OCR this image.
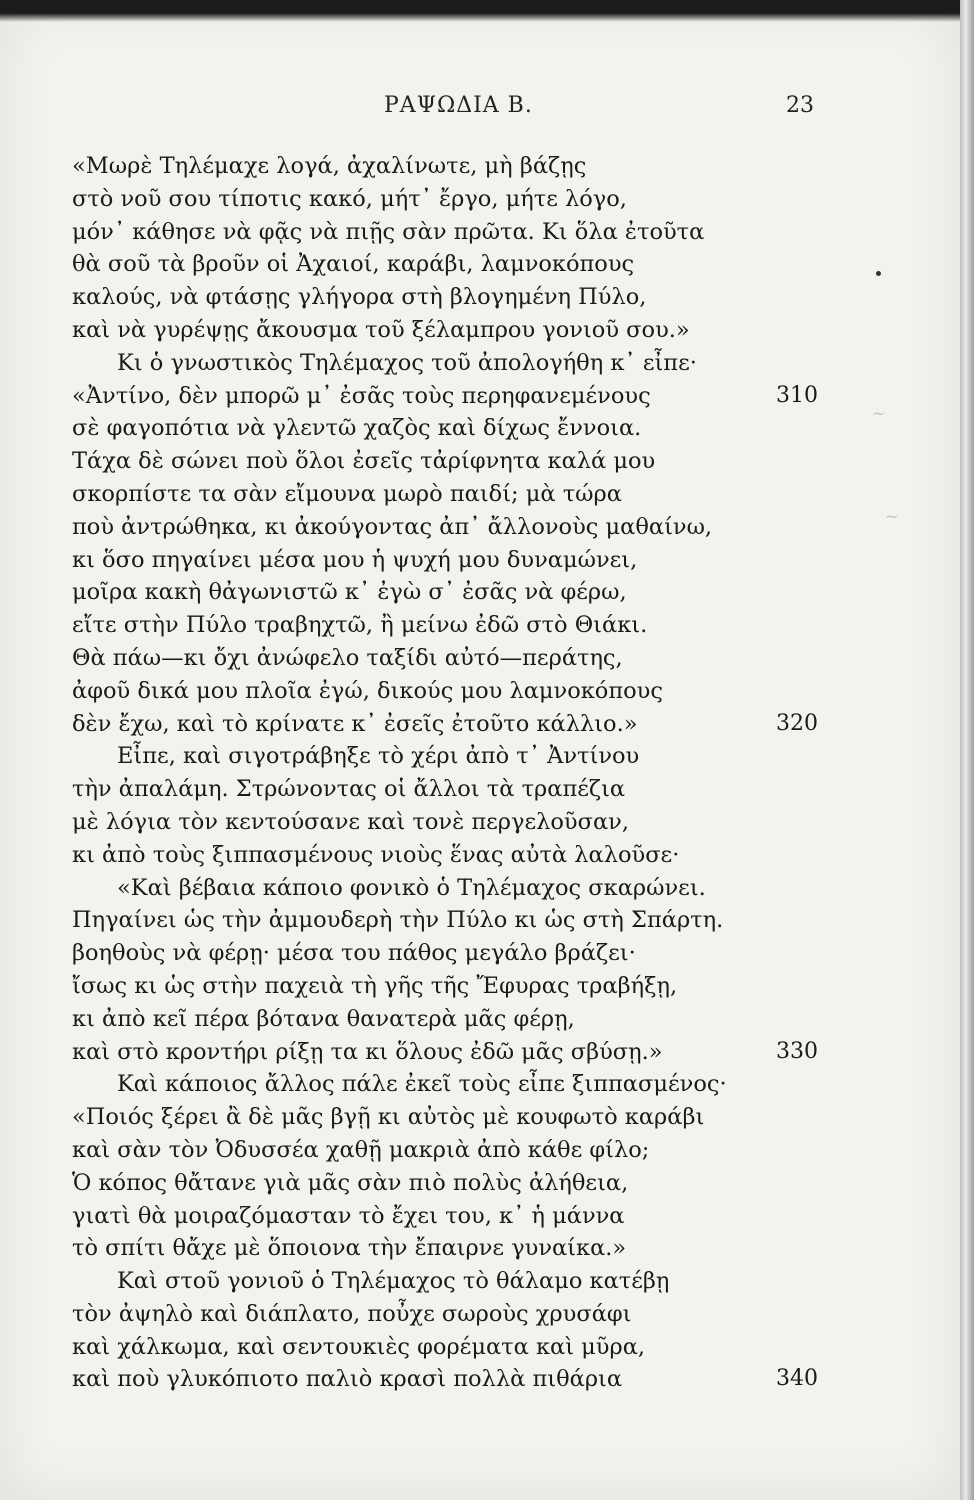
~
~
ΡΑΨΩΔΙΑ Β.	23
«Μωρὲ Τηλέμαχε λογά, ἀχαλίνωτε, μὴ βάζῃς
στὸ νοῦ σου τίποτις κακό, μήτ᾽ ἔργο, μήτε λόγο,
μόν᾽ κάθησε νὰ φᾷς νὰ πιῇς σὰν πρῶτα. Κι ὅλα ἐτοῦτα
θὰ σοῦ τὰ βροῦν οἱ Ἀχαιοί, καράβι, λαμνοκόπους
καλούς, νὰ φτάσῃς γλήγορα στὴ βλογημένη Πύλο,
καὶ νὰ γυρέψῃς ἄκουσμα τοῦ ξέλαμπρου γονιοῦ σου.»
Κι ὁ γνωστικὸς Τηλέμαχος τοῦ ἀπολογήθη κ᾽ εἶπε·
«Ἀντίνο, δὲν μπορῶ μ᾽ ἐσᾶς τοὺς περηφανεμένους	310
σὲ φαγοπότια νὰ γλεντῶ χαζὸς καὶ δίχως ἔννοια.
Τάχα δὲ σώνει ποὺ ὅλοι ἐσεῖς τἀρίφνητα καλά μου
σκορπίστε τα σὰν εἴμουνα μωρὸ παιδί; μὰ τώρα
ποὺ ἀντρώθηκα, κι ἀκούγοντας ἀπ᾽ ἄλλονοὺς μαθαίνω,
κι ὅσο πηγαίνει μέσα μου ἡ ψυχή μου δυναμώνει,
μοῖρα κακὴ θἀγωνιστῶ κ᾽ ἐγὼ σ᾽ ἐσᾶς νὰ φέρω,
εἴτε στὴν Πύλο τραβηχτῶ, ἢ μείνω ἐδῶ στὸ Θιάκι.
Θὰ πάω—κι ὄχι ἀνώφελο ταξίδι αὐτό—περάτης,
ἀφοῦ δικά μου πλοῖα ἐγώ, δικούς μου λαμνοκόπους
δὲν ἔχω, καὶ τὸ κρίνατε κ᾽ ἐσεῖς ἐτοῦτο κάλλιο.»	320
Εἶπε, καὶ σιγοτράβηξε τὸ χέρι ἀπὸ τ᾽ Ἀντίνου
τὴν ἀπαλάμη. Στρώνοντας οἱ ἄλλοι τὰ τραπέζια
μὲ λόγια τὸν κεντούσανε καὶ τονὲ περγελοῦσαν,
κι ἀπὸ τοὺς ξιππασμένους νιοὺς ἕνας αὐτὰ λαλοῦσε·
«Καὶ βέβαια κάποιο φονικὸ ὁ Τηλέμαχος σκαρώνει.
Πηγαίνει ὡς τὴν ἀμμουδερὴ τὴν Πύλο κι ὡς στὴ Σπάρτη.
βοηθοὺς νὰ φέρῃ· μέσα του πάθος μεγάλο βράζει·
ἴσως κι ὡς στὴν παχειὰ τὴ γῆς τῆς Ἔφυρας τραβήξῃ,
κι ἀπὸ κεῖ πέρα βότανα θανατερὰ μᾶς φέρῃ,
καὶ στὸ κροντήρι ρίξῃ τα κι ὅλους ἐδῶ μᾶς σβύσῃ.»	330
Καὶ κάποιος ἄλλος πάλε ἐκεῖ τοὺς εἶπε ξιππασμένος·
«Ποιός ξέρει ἂ δὲ μᾶς βγῇ κι αὐτὸς μὲ κουφωτὸ καράβι
καὶ σὰν τὸν Ὀδυσσέα χαθῇ μακριὰ ἀπὸ κάθε φίλο;
Ὁ κόπος θἄτανε γιὰ μᾶς σὰν πιὸ πολὺς ἀλήθεια,
γιατὶ θὰ μοιραζόμασταν τὸ ἔχει του, κ᾽ ἡ μάννα
τὸ σπίτι θἄχε μὲ ὅποιονα τὴν ἔπαιρνε γυναίκα.»
Καὶ στοῦ γονιοῦ ὁ Τηλέμαχος τὸ θάλαμο κατέβῃ
τὸν ἀψηλὸ καὶ διάπλατο, ποὖχε σωροὺς χρυσάφι
καὶ χάλκωμα, καὶ σεντουκιὲς φορέματα καὶ μῦρα,
καὶ ποὺ γλυκόπιοτο παλιὸ κρασὶ πολλὰ πιθάρια	340
